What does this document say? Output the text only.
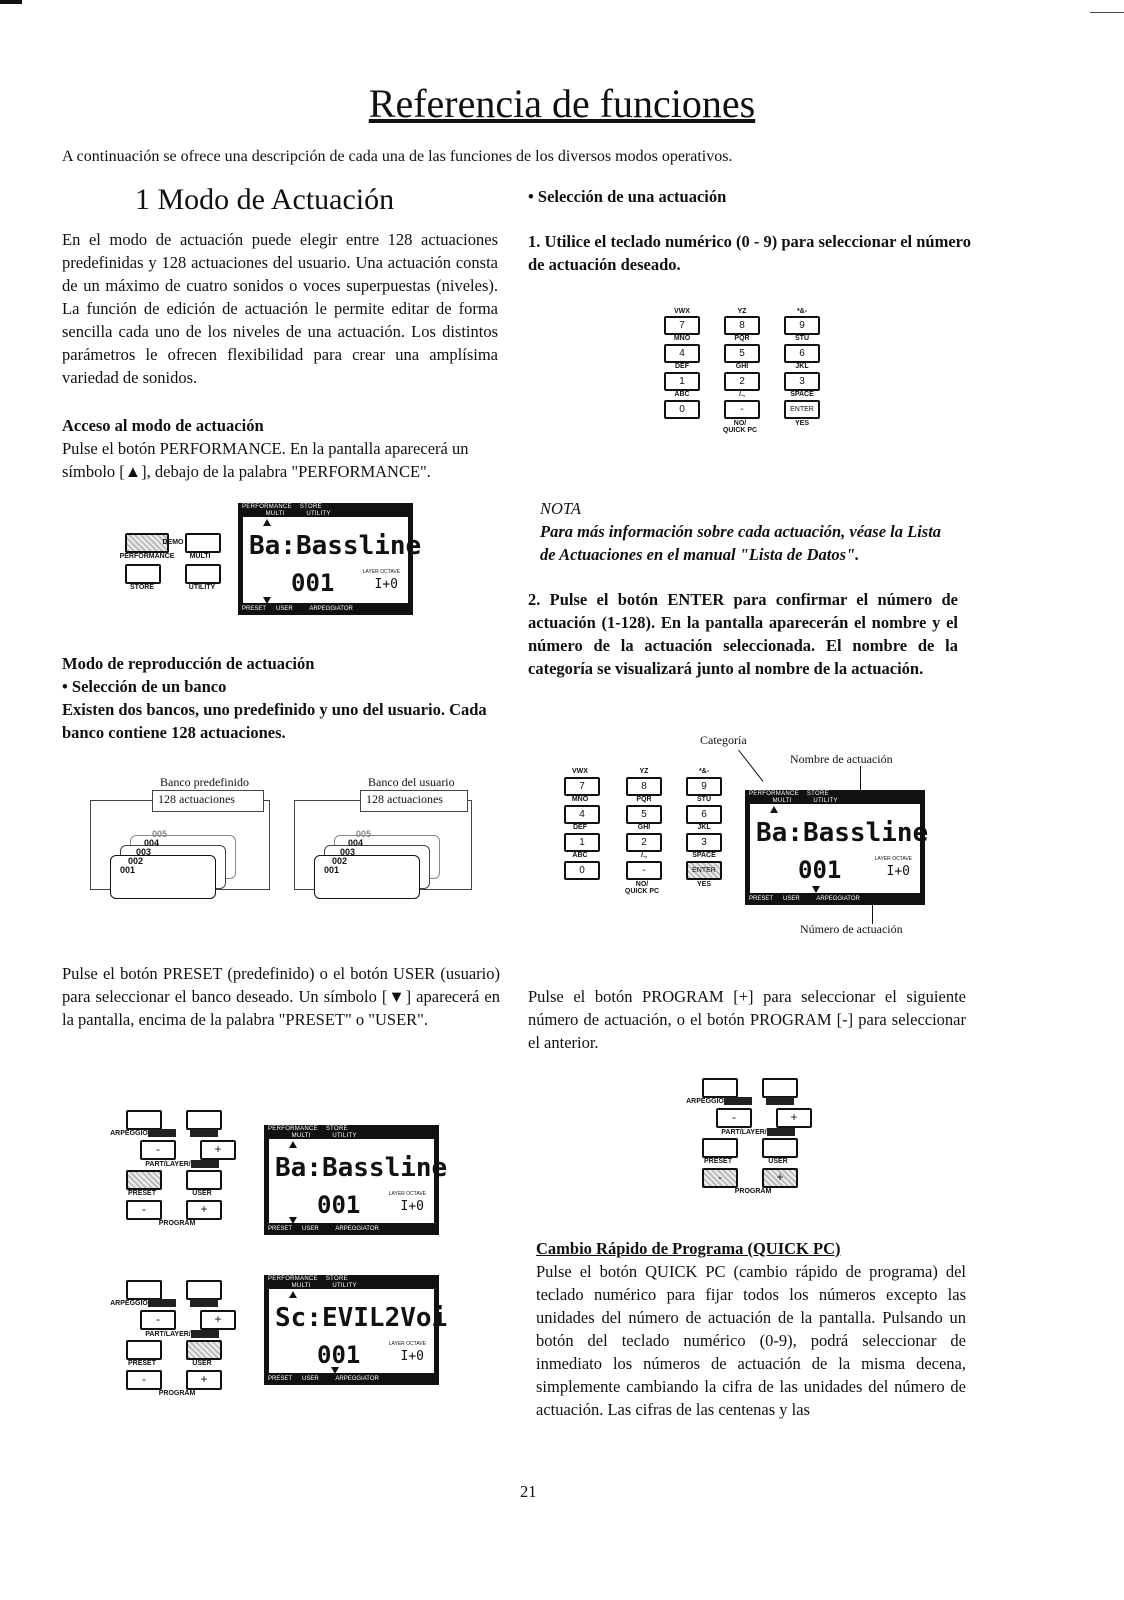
Referencia de funciones
A continuación se ofrece una descripción de cada una de las funciones de los diversos modos operativos.
1 Modo de Actuación
En el modo de actuación puede elegir entre 128 actuaciones predefinidas y 128 actuaciones del usuario. Una actuación consta de un máximo de cuatro sonidos o voces superpuestas (niveles). La función de edición de actuación le permite editar de forma sencilla cada uno de los niveles de una actuación. Los distintos parámetros le ofrecen flexibilidad para crear una amplísima variedad de sonidos.
Acceso al modo de actuación
Pulse el botón PERFORMANCE. En la pantalla aparecerá un símbolo [▲], debajo de la palabra "PERFORMANCE".
DEMO
PERFORMANCE	MULTI
STORE	UTILITY
PERFORMANCE STORE
MULTI	UTILITY
Ba:Bassline
001	LAYER OCTAVE
I+0
PRESET USER	ARPEGGIATOR
Modo de reproducción de actuación
• Selección de un banco
Existen dos bancos, uno predefinido y uno del usuario. Cada banco contiene 128 actuaciones.
Banco predefinido	Banco del usuario
128 actuaciones
005
004
003
002
001
128 actuaciones
005
004
003
002
001
Pulse el botón PRESET (predefinido) o el botón USER (usuario) para seleccionar el banco deseado. Un símbolo [▼] aparecerá en la pantalla, encima de la palabra "PRESET" o "USER".
ARPEGGIO
-	+
PART/LAYER/
PRESET	USER
-	+
PROGRAM
PERFORMANCE STORE
MULTI	UTILITY
Ba:Bassline
001	LAYER OCTAVE
I+0
PRESET USER	ARPEGGIATOR
ARPEGGIO
-	+
PART/LAYER/
PRESET	USER
-	+
PROGRAM
PERFORMANCE STORE
MULTI	UTILITY
Sc:EVIL2Voi
001	LAYER OCTAVE
I+0
PRESET USER	ARPEGGIATOR
• Selección de una actuación
1. Utilice el teclado numérico (0 - 9) para seleccionar el número de actuación deseado.
VWX	YZ	*&-
7	8	9
MNO	PQR	STU
4	5	6
DEF	GHI	JKL
1	2	3
ABC	/.,	SPACE
0	-	ENTER
NO/ QUICK PC
YES
NOTA
Para más información sobre cada actuación, véase la Lista de Actuaciones en el manual "Lista de Datos".
2. Pulse el botón ENTER para confirmar el número de actuación (1-128). En la pantalla aparecerán el nombre y el número de la actuación seleccionada. El nombre de la categoría se visualizará junto al nombre de la actuación.
Categoría
Nombre de actuación
VWX	YZ	*&-
7	8	9
MNO	PQR	STU
4	5	6
DEF	GHI	JKL
1	2	3
ABC	/.,	SPACE
0	-	ENTER
NO/ QUICK PC
YES
PERFORMANCE STORE
MULTI	UTILITY
Ba:Bassline
001	LAYER OCTAVE
I+0
PRESET USER	ARPEGGIATOR
Número de actuación
Pulse el botón PROGRAM [+] para seleccionar el siguiente número de actuación, o el botón PROGRAM [-] para seleccionar el anterior.
ARPEGGIO
-	+
PART/LAYER/
PRESET	USER
-	+
PROGRAM
Cambio Rápido de Programa (QUICK PC)
Pulse el botón QUICK PC (cambio rápido de programa) del teclado numérico para fijar todos los números excepto las unidades del número de actuación de la pantalla. Pulsando un botón del teclado numérico (0-9), podrá seleccionar de inmediato los números de actuación de la misma decena, simplemente cambiando la cifra de las unidades del número de actuación. Las cifras de las centenas y las
21
